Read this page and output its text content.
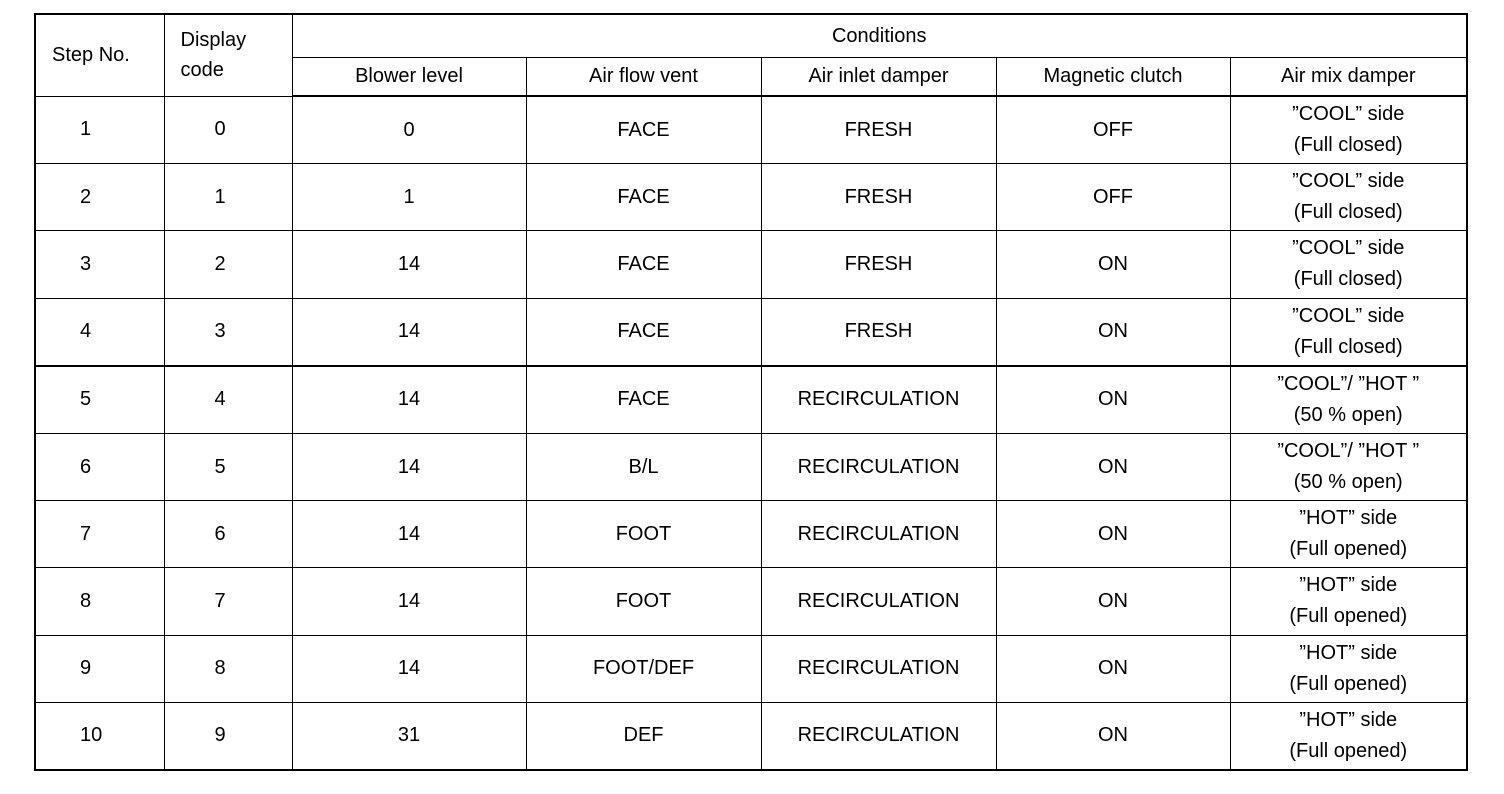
Step No.	Display
code	Conditions				
		Blower level	Air flow vent	Air inlet damper	Magnetic clutch	Air mix damper
1	0	0	FACE	FRESH	OFF	”COOL” side
(Full closed)
2	1	1	FACE	FRESH	OFF	”COOL” side
(Full closed)
3	2	14	FACE	FRESH	ON	”COOL” side
(Full closed)
4	3	14	FACE	FRESH	ON	”COOL” side
(Full closed)
5	4	14	FACE	RECIRCULATION	ON	”COOL”/ ”HOT ”
(50 % open)
6	5	14	B/L	RECIRCULATION	ON	”COOL”/ ”HOT ”
(50 % open)
7	6	14	FOOT	RECIRCULATION	ON	”HOT” side
(Full opened)
8	7	14	FOOT	RECIRCULATION	ON	”HOT” side
(Full opened)
9	8	14	FOOT/DEF	RECIRCULATION	ON	”HOT” side
(Full opened)
10	9	31	DEF	RECIRCULATION	ON	”HOT” side
(Full opened)
